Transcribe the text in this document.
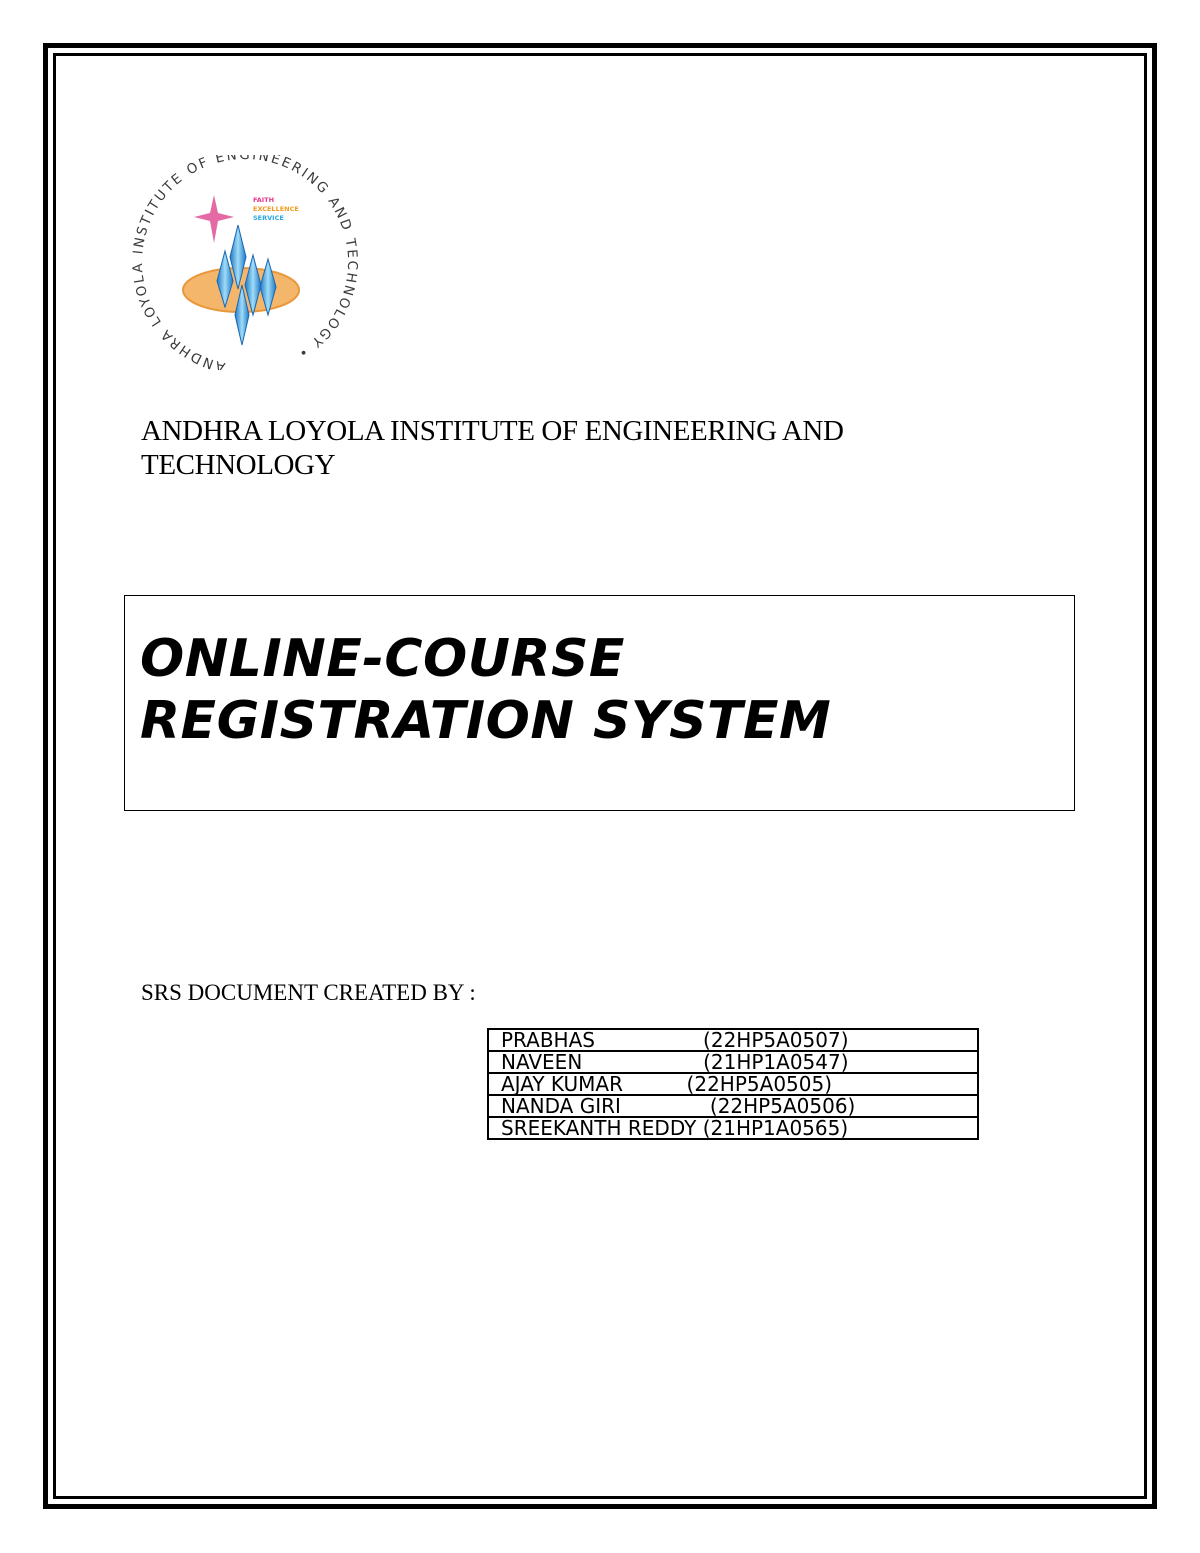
ANDHRA LOYOLA INSTITUTE OF ENGINEERING AND TECHNOLOGY •
FAITH
EXCELLENCE
SERVICE
ANDHRA LOYOLA INSTITUTE OF ENGINEERING AND
TECHNOLOGY
ONLINE-COURSE
REGISTRATION SYSTEM
SRS DOCUMENT CREATED BY :
PRABHAS                 (22HP5A0507)
NAVEEN                   (21HP1A0547)
AJAY KUMAR          (22HP5A0505)
NANDA GIRI              (22HP5A0506)
SREEKANTH REDDY (21HP1A0565)
